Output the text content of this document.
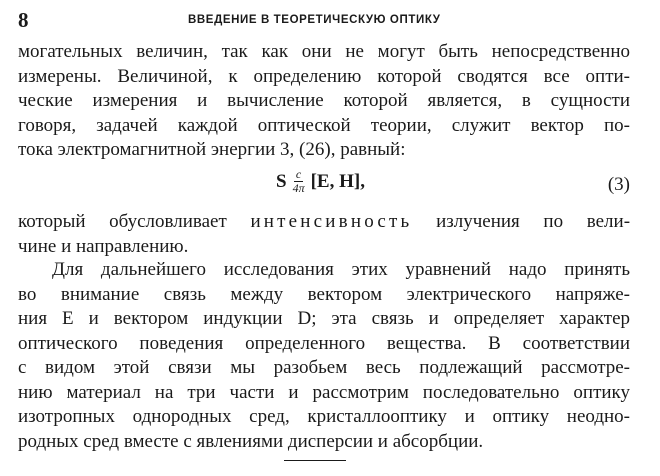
8	ВВЕДЕНИЕ В ТЕОРЕТИЧЕСКУЮ ОПТИКУ
могательных величин, так как они не могут быть непосредственно
измерены. Величиной, к определению которой сводятся все опти-
ческие измерения и вычисление которой является, в сущности
говоря, задачей каждой оптической теории, служит вектор по-
тока электромагнитной энергии 3, (26), равный:
S $\frac{c}{4\pi} [E$, H],	(3)
который обусловливает интенсивность излучения по вели-
чине и направлению.
Для дальнейшего исследования этих уравнений надо принять
во внимание связь между вектором электрического напряже-
ния E и вектором индукции D; эта связь и определяет характер
оптического поведения определенного вещества. В соответствии
с видом этой связи мы разобьем весь подлежащий рассмотре-
нию материал на три части и рассмотрим последовательно оптику
изотропных однородных сред, кристаллооптику и оптику неодно-
родных сред вместе с явлениями дисперсии и абсорбции.
